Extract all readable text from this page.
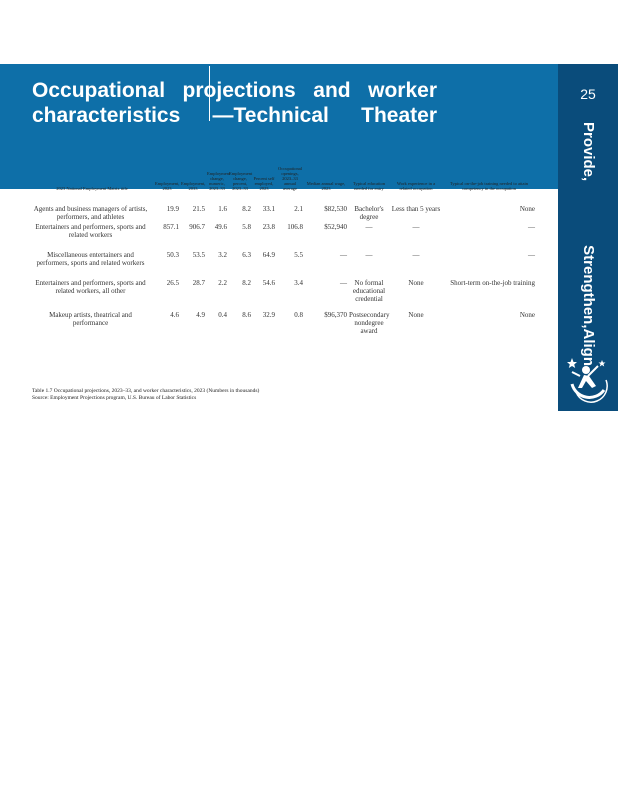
Occupational projections and worker
characteristics —Technical Theater
25
Provide, Strengthen,Align
2023 National Employment Matrix title	Employment, 2023	Employment, 2033	Employment change, numeric, 2023–33	Employment change, percent, 2023–33	Percent self employed, 2023	Occupational openings, 2023–33 annual average	Median annual wage, 2023	Typical education needed for entry	Work experience in a related occupation	Typical on-the-job training needed to attain competency in the occupation
Agents and business managers of artists, performers, and athletes	19.9	21.5	1.6	8.2	33.1	2.1	$82,530	Bachelor's degree	Less than 5 years	None
Entertainers and performers, sports and related workers	857.1	906.7	49.6	5.8	23.8	106.8	$52,940	—	—	—
Miscellaneous entertainers and performers, sports and related workers	50.3	53.5	3.2	6.3	64.9	5.5	—	—	—	—
Entertainers and performers, sports and related workers, all other	26.5	28.7	2.2	8.2	54.6	3.4	—	No formal educational credential	None	Short-term on-the-job training
Makeup artists, theatrical and performance	4.6	4.9	0.4	8.6	32.9	0.8	$96,370	Postsecondary nondegree award	None	None
Table 1.7 Occupational projections, 2023–33, and worker characteristics, 2023 (Numbers in thousands)
Source: Employment Projections program, U.S. Bureau of Labor Statistics
